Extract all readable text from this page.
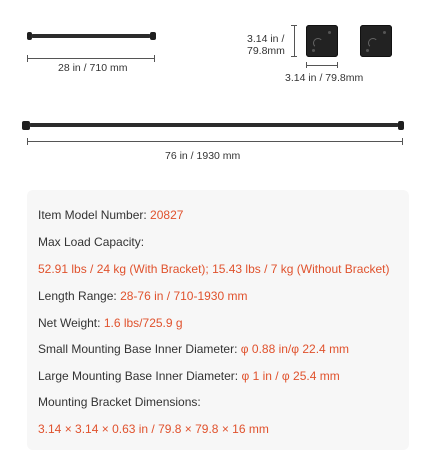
28 in / 710 mm
3.14 in / 79.8mm
3.14 in / 79.8mm
76 in / 1930 mm
Item Model Number: 20827
Max Load Capacity:
52.91 lbs / 24 kg (With Bracket); 15.43 lbs / 7 kg (Without Bracket)
Length Range: 28-76 in / 710-1930 mm
Net Weight: 1.6 lbs/725.9 g
Small Mounting Base Inner Diameter: φ 0.88 in/φ 22.4 mm
Large Mounting Base Inner Diameter: φ 1 in / φ 25.4 mm
Mounting Bracket Dimensions:
3.14 × 3.14 × 0.63 in / 79.8 × 79.8 × 16 mm
